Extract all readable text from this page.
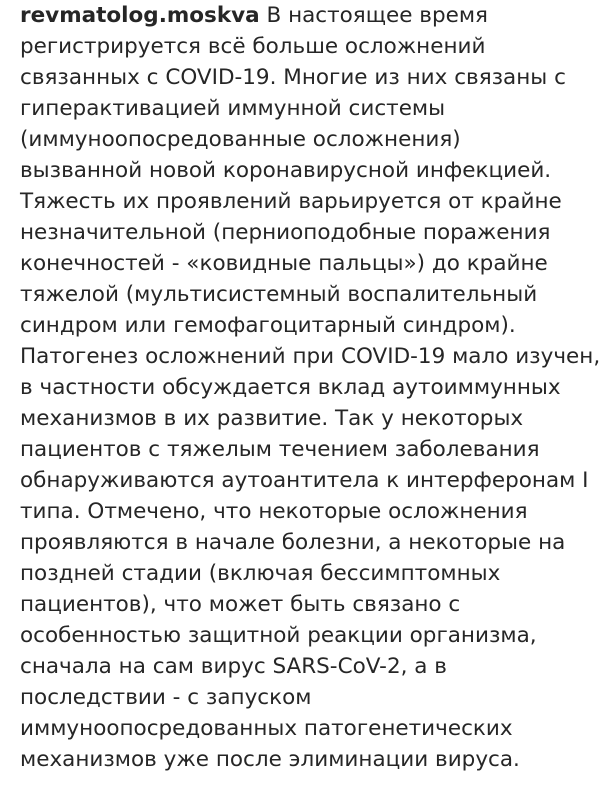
revmatolog.moskva В настоящее время
регистрируется всё больше осложнений
связанных с COVID-19. Многие из них связаны с
гиперактивацией иммунной системы
(иммуноопосредованные осложнения)
вызванной новой коронавирусной инфекцией.
Тяжесть их проявлений варьируется от крайне
незначительной (перниоподобные поражения
конечностей - «ковидные пальцы») до крайне
тяжелой (мультисистемный воспалительный
синдром или гемофагоцитарный синдром).
Патогенез осложнений при COVID-19 мало изучен,
в частности обсуждается вклад аутоиммунных
механизмов в их развитие. Так у некоторых
пациентов с тяжелым течением заболевания
обнаруживаются аутоантитела к интерферонам I
типа. Отмечено, что некоторые осложнения
проявляются в начале болезни, а некоторые на
поздней стадии (включая бессимптомных
пациентов), что может быть связано с
особенностью защитной реакции организма,
сначала на сам вирус SARS-CoV-2, а в
последствии - с запуском
иммуноопосредованных патогенетических
механизмов уже после элиминации вируса.
